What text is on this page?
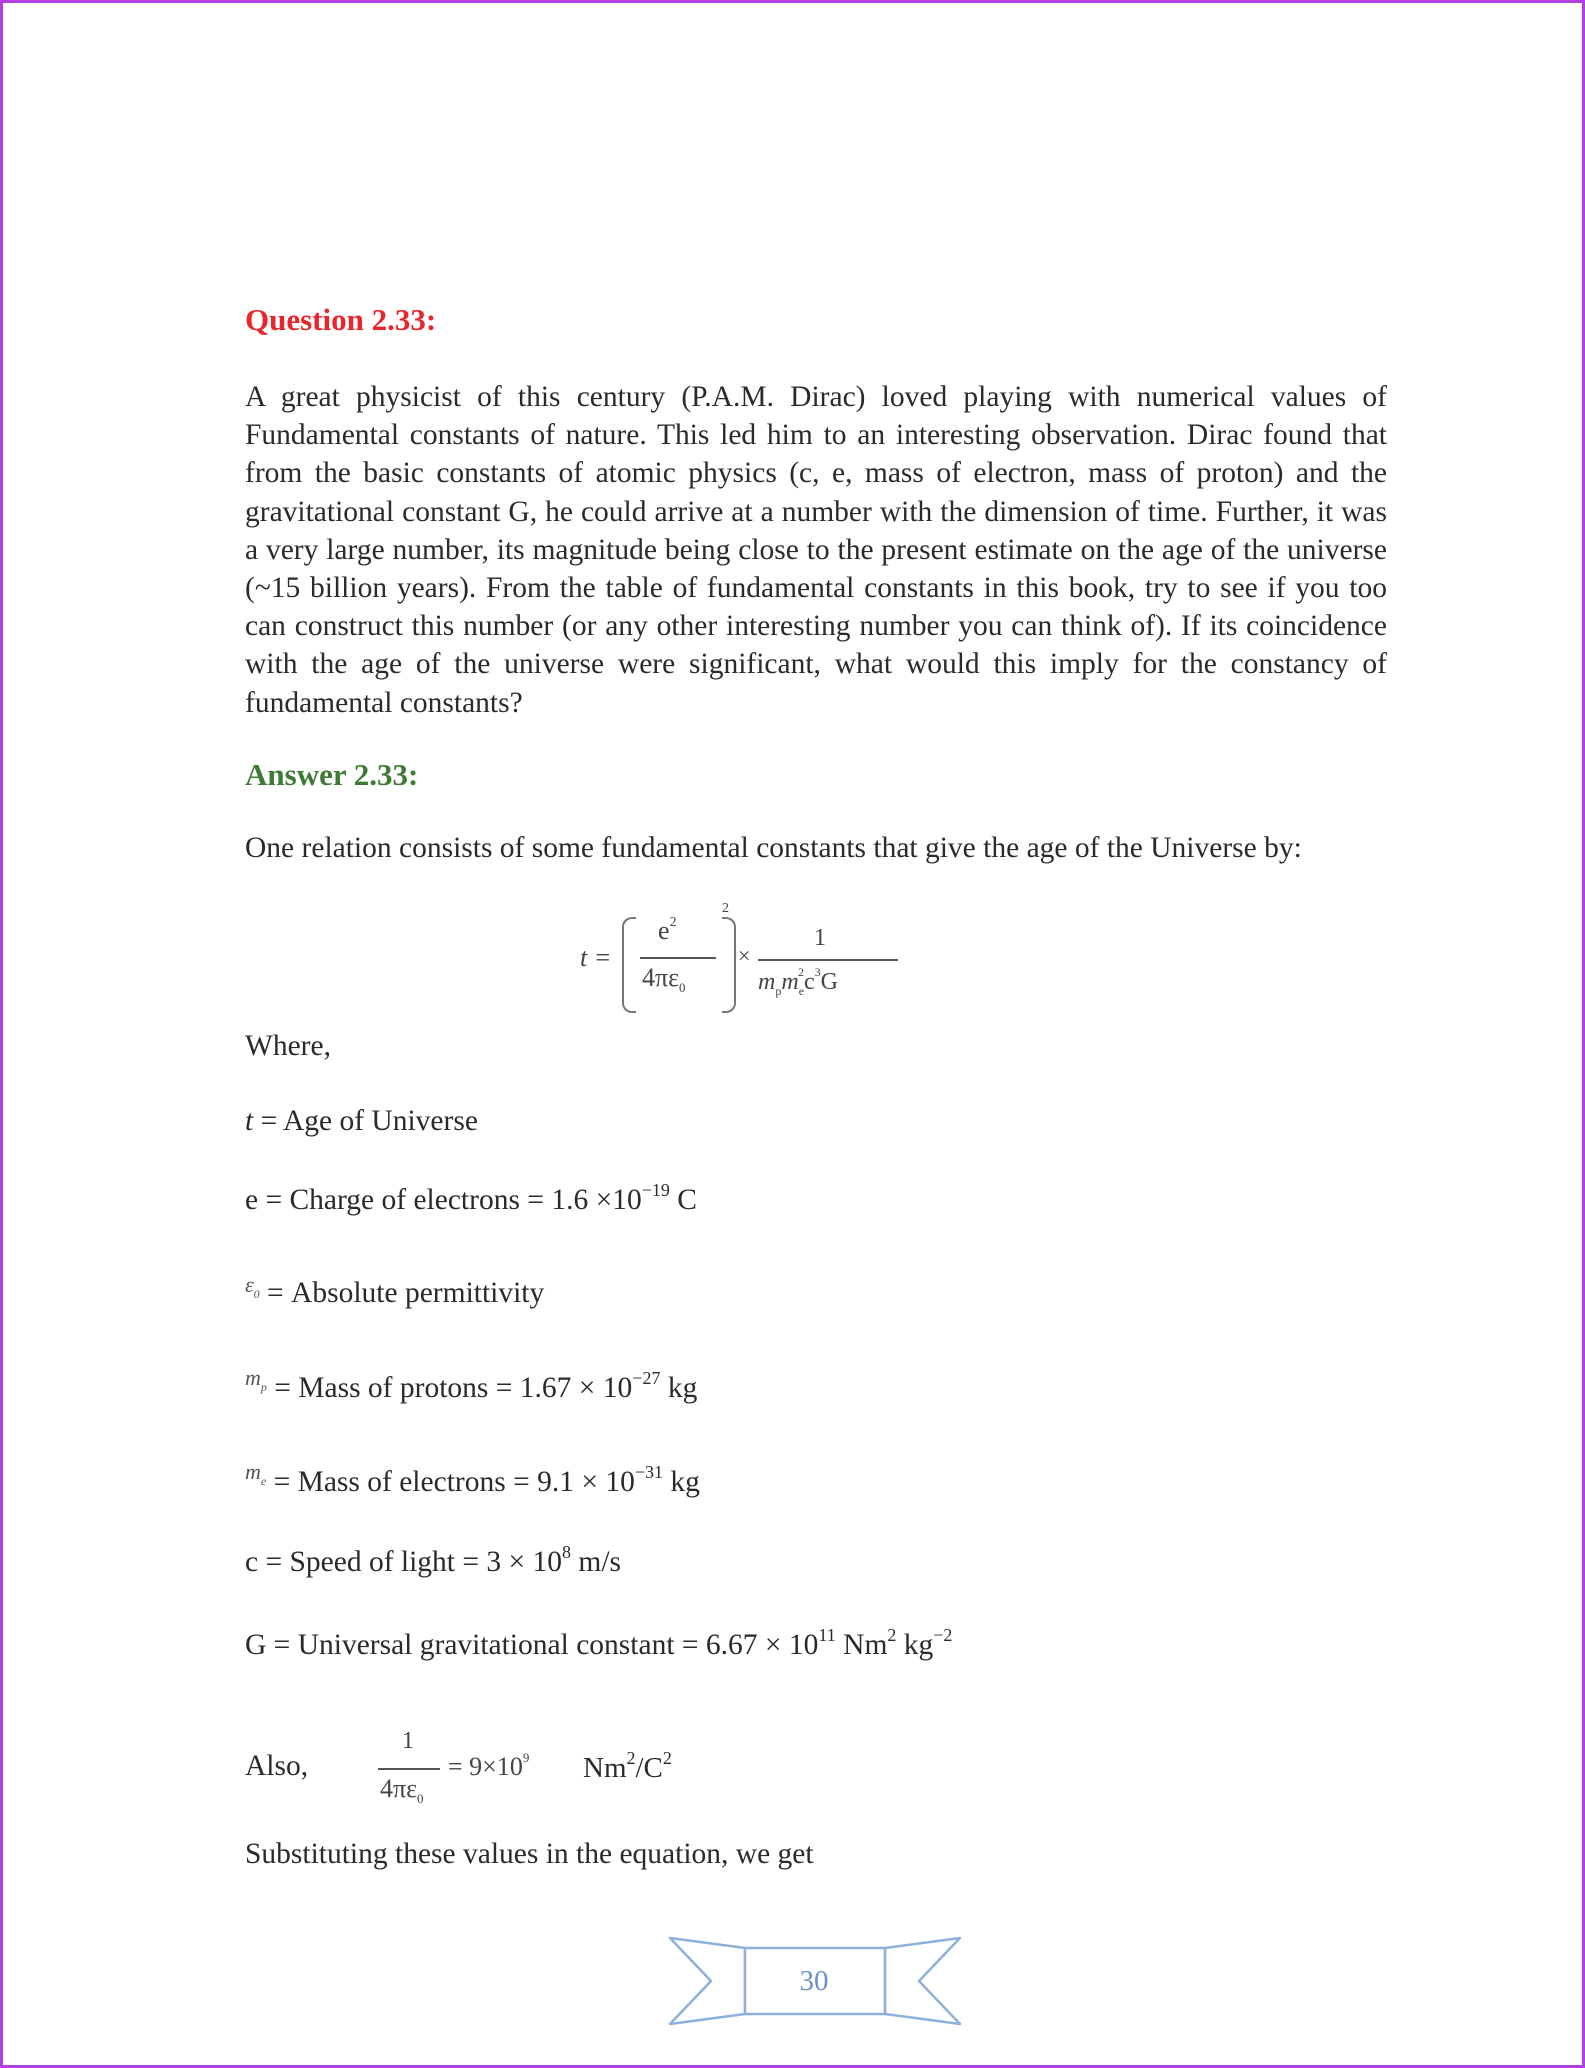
Question 2.33:
A great physicist of this century (P.A.M. Dirac) loved playing with numerical values of Fundamental constants of nature. This led him to an interesting observation. Dirac found that from the basic constants of atomic physics (c, e, mass of electron, mass of proton) and the gravitational constant G, he could arrive at a number with the dimension of time. Further, it was a very large number, its magnitude being close to the present estimate on the age of the universe (~15 billion years). From the table of fundamental constants in this book, try to see if you too can construct this number (or any other interesting number you can think of). If its coincidence with the age of the universe were significant, what would this imply for the constancy of fundamental constants?
Answer 2.33:
One relation consists of some fundamental constants that give the age of the Universe by:
t =
$e^2$
$4\pi\varepsilon_0$
2
×
1
$m_pm_e^2c^3G$
Where,
t = Age of Universe
e = Charge of electrons = $1.6 \times 10^{-19}$ C
$^\varepsilon$0 = Absolute permittivity
$^{mp}$ = Mass of protons = $1.67 \times 10^{-27}$ kg
$^{me}$ = Mass of electrons = $9.1 \times 10^{-31}$ kg
c = Speed of light = $3 \times 10^8$ m/s
G = Universal gravitational constant = $6.67 \times 10^{11}$ Nm$^2$ $kg^{-2}$
Also,
1
$4\pi\varepsilon_0$
= $9\times 10^9$ $Nm^2/C^2$
Substituting these values in the equation, we get
30
